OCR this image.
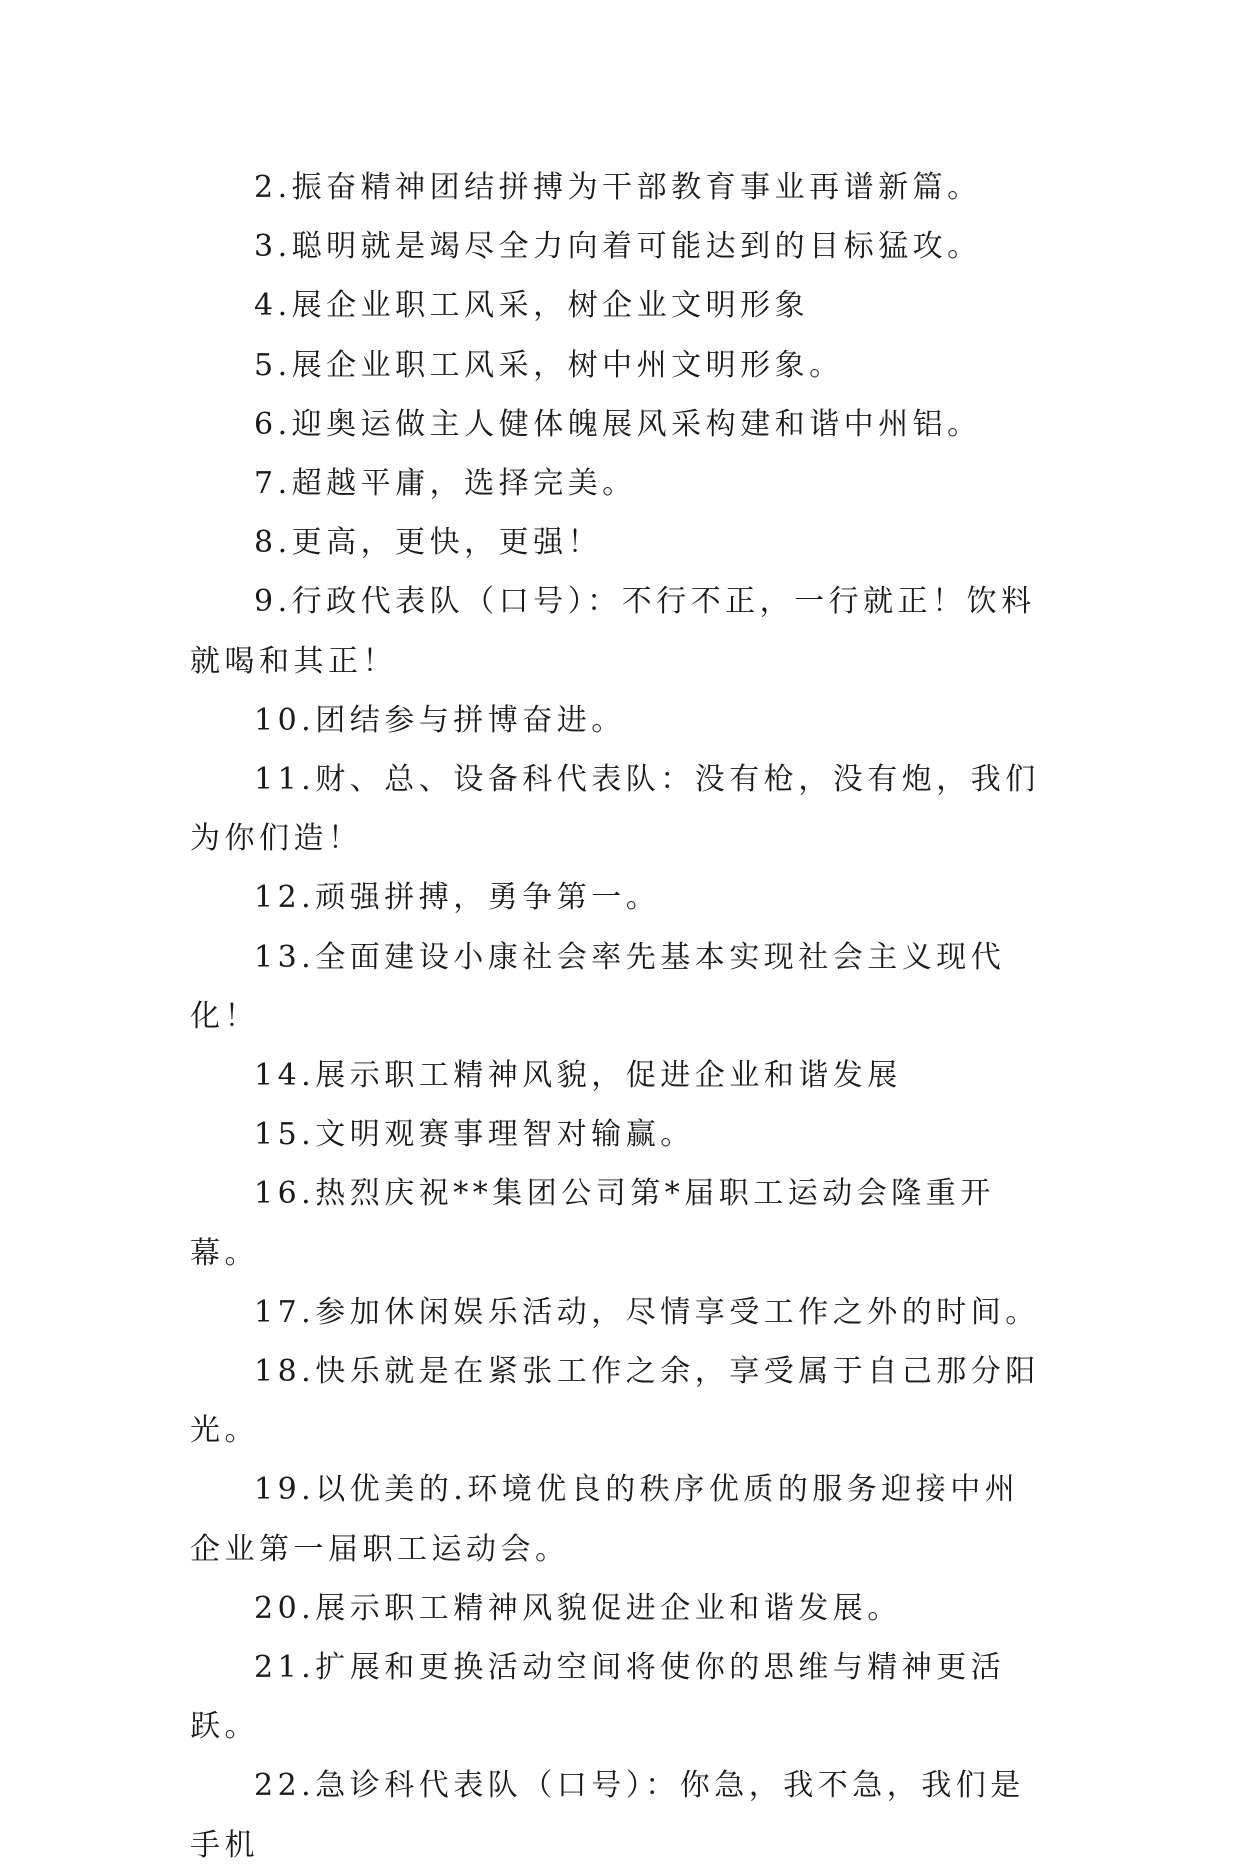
2.振奋精神团结拼搏为干部教育事业再谱新篇。

3.聪明就是竭尽全力向着可能达到的目标猛攻。

4.展企业职工风采，树企业文明形象

5.展企业职工风采，树中州文明形象。

6.迎奥运做主人健体魄展风采构建和谐中州铝。

7.超越平庸，选择完美。

8.更高，更快，更强！

9.行政代表队（口号）：不行不正，一行就正！饮料就喝和其正！

10.团结参与拼博奋进。

11.财、总、设备科代表队：没有枪，没有炮，我们为你们造！

12.顽强拼搏，勇争第一。

13.全面建设小康社会率先基本实现社会主义现代化！

14.展示职工精神风貌，促进企业和谐发展

15.文明观赛事理智对输赢。

16.热烈庆祝**集团公司第*届职工运动会隆重开幕。

17.参加休闲娱乐活动，尽情享受工作之外的时间。

18.快乐就是在紧张工作之余，享受属于自己那分阳光。

19.以优美的.环境优良的秩序优质的服务迎接中州企业第一届职工运动会。

20.展示职工精神风貌促进企业和谐发展。

21.扩展和更换活动空间将使你的思维与精神更活跃。

22.急诊科代表队（口号）：你急，我不急，我们是手机
